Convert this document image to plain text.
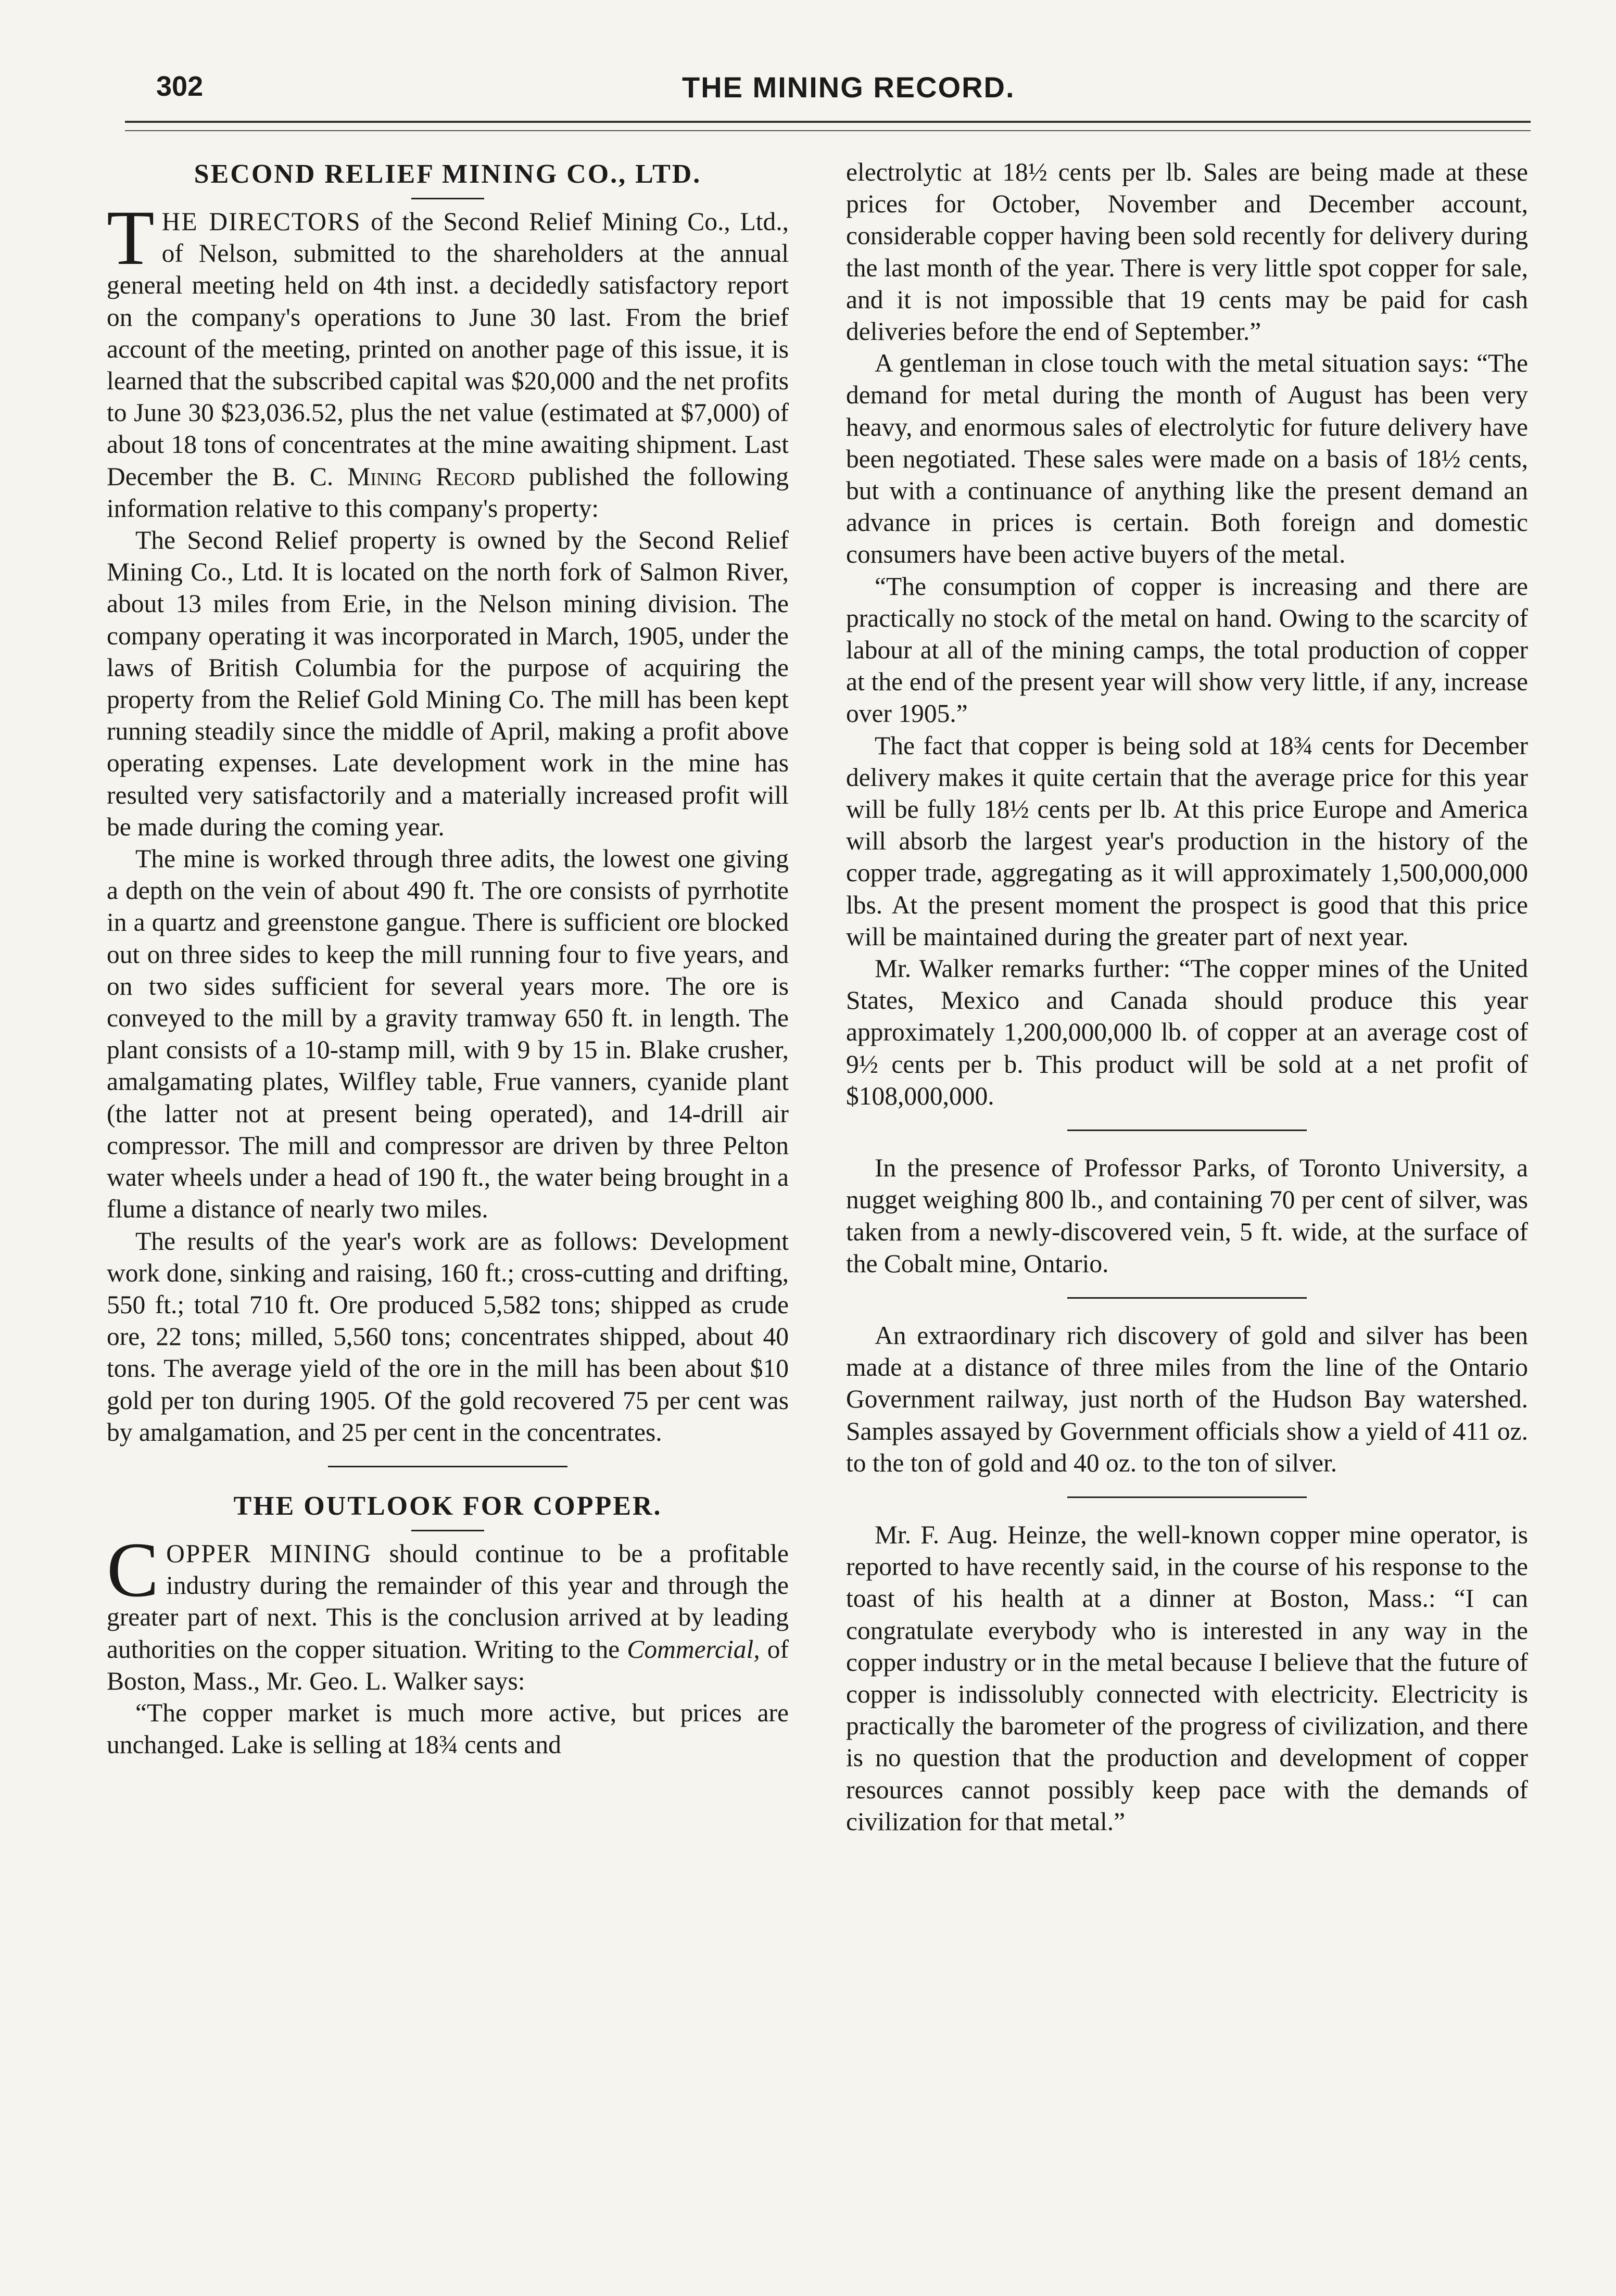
302	THE MINING RECORD.
SECOND RELIEF MINING CO., LTD.

THE DIRECTORS of the Second Relief Mining Co., Ltd., of Nelson, submitted to the shareholders at the annual general meeting held on 4th inst. a decidedly satisfactory report on the company's operations to June 30 last. From the brief account of the meeting, printed on another page of this issue, it is learned that the subscribed capital was $20,000 and the net profits to June 30 $23,036.52, plus the net value (estimated at $7,000) of about 18 tons of concentrates at the mine awaiting shipment. Last December the B. C. Mining Record published the following information relative to this company's property:

The Second Relief property is owned by the Second Relief Mining Co., Ltd. It is located on the north fork of Salmon River, about 13 miles from Erie, in the Nelson mining division. The company operating it was incorporated in March, 1905, under the laws of British Columbia for the purpose of acquiring the property from the Relief Gold Mining Co. The mill has been kept running steadily since the middle of April, making a profit above operating expenses. Late development work in the mine has resulted very satisfactorily and a materially increased profit will be made during the coming year.

The mine is worked through three adits, the lowest one giving a depth on the vein of about 490 ft. The ore consists of pyrrhotite in a quartz and greenstone gangue. There is sufficient ore blocked out on three sides to keep the mill running four to five years, and on two sides sufficient for several years more. The ore is conveyed to the mill by a gravity tramway 650 ft. in length. The plant consists of a 10-stamp mill, with 9 by 15 in. Blake crusher, amalgamating plates, Wilfley table, Frue vanners, cyanide plant (the latter not at present being operated), and 14-drill air compressor. The mill and compressor are driven by three Pelton water wheels under a head of 190 ft., the water being brought in a flume a distance of nearly two miles.

The results of the year's work are as follows: Development work done, sinking and raising, 160 ft.; cross-cutting and drifting, 550 ft.; total 710 ft. Ore produced 5,582 tons; shipped as crude ore, 22 tons; milled, 5,560 tons; concentrates shipped, about 40 tons. The average yield of the ore in the mill has been about $10 gold per ton during 1905. Of the gold recovered 75 per cent was by amalgamation, and 25 per cent in the concentrates.

THE OUTLOOK FOR COPPER.

COPPER MINING should continue to be a profitable industry during the remainder of this year and through the greater part of next. This is the conclusion arrived at by leading authorities on the copper situation. Writing to the Commercial, of Boston, Mass., Mr. Geo. L. Walker says:

“The copper market is much more active, but prices are unchanged. Lake is selling at 18¾ cents and

electrolytic at 18½ cents per lb. Sales are being made at these prices for October, November and December account, considerable copper having been sold recently for delivery during the last month of the year. There is very little spot copper for sale, and it is not impossible that 19 cents may be paid for cash deliveries before the end of September.”

A gentleman in close touch with the metal situation says: “The demand for metal during the month of August has been very heavy, and enormous sales of electrolytic for future delivery have been negotiated. These sales were made on a basis of 18½ cents, but with a continuance of anything like the present demand an advance in prices is certain. Both foreign and domestic consumers have been active buyers of the metal.

“The consumption of copper is increasing and there are practically no stock of the metal on hand. Owing to the scarcity of labour at all of the mining camps, the total production of copper at the end of the present year will show very little, if any, increase over 1905.”

The fact that copper is being sold at 18¾ cents for December delivery makes it quite certain that the average price for this year will be fully 18½ cents per lb. At this price Europe and America will absorb the largest year's production in the history of the copper trade, aggregating as it will approximately 1,500,000,000 lbs. At the present moment the prospect is good that this price will be maintained during the greater part of next year.

Mr. Walker remarks further: “The copper mines of the United States, Mexico and Canada should produce this year approximately 1,200,000,000 lb. of copper at an average cost of 9½ cents per b. This product will be sold at a net profit of $108,000,000.

In the presence of Professor Parks, of Toronto University, a nugget weighing 800 lb., and containing 70 per cent of silver, was taken from a newly-discovered vein, 5 ft. wide, at the surface of the Cobalt mine, Ontario.

An extraordinary rich discovery of gold and silver has been made at a distance of three miles from the line of the Ontario Government railway, just north of the Hudson Bay watershed. Samples assayed by Government officials show a yield of 411 oz. to the ton of gold and 40 oz. to the ton of silver.

Mr. F. Aug. Heinze, the well-known copper mine operator, is reported to have recently said, in the course of his response to the toast of his health at a dinner at Boston, Mass.: “I can congratulate everybody who is interested in any way in the copper industry or in the metal because I believe that the future of copper is indissolubly connected with electricity. Electricity is practically the barometer of the progress of civilization, and there is no question that the production and development of copper resources cannot possibly keep pace with the demands of civilization for that metal.”
